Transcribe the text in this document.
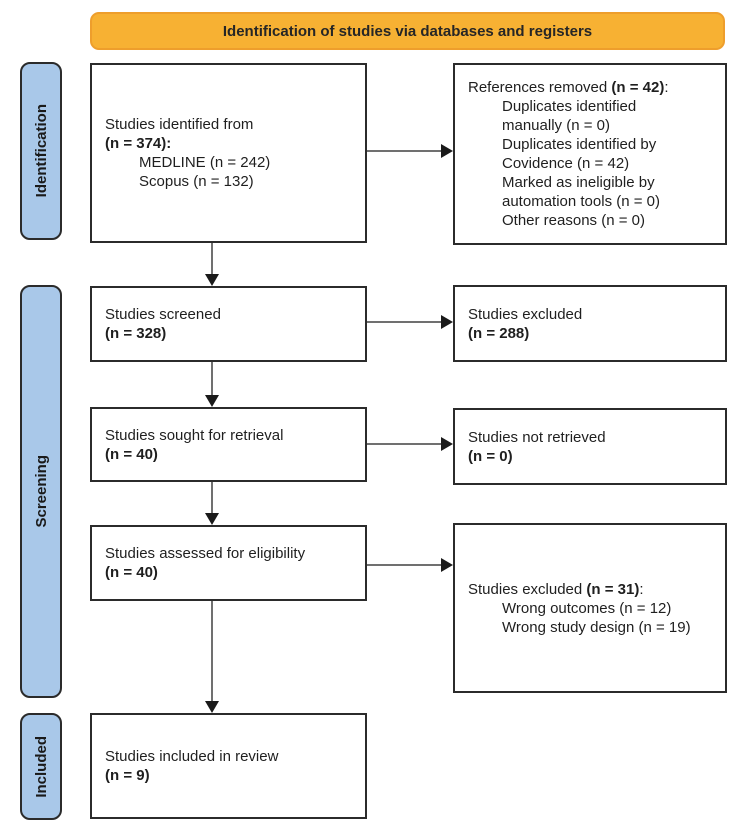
Identification of studies via databases and registers
Identification
Screening
Included
Studies identified from
(n = 374):
MEDLINE (n = 242)
Scopus (n = 132)
References removed (n = 42):
Duplicates identified
manually (n = 0)
Duplicates identified by
Covidence (n = 42)
Marked as ineligible by
automation tools (n = 0)
Other reasons (n = 0)
Studies screened
(n = 328)
Studies excluded
(n = 288)
Studies sought for retrieval
(n = 40)
Studies not retrieved
(n = 0)
Studies assessed for eligibility
(n = 40)
Studies excluded (n = 31):
Wrong outcomes (n = 12)
Wrong study design (n = 19)
Studies included in review
(n = 9)
